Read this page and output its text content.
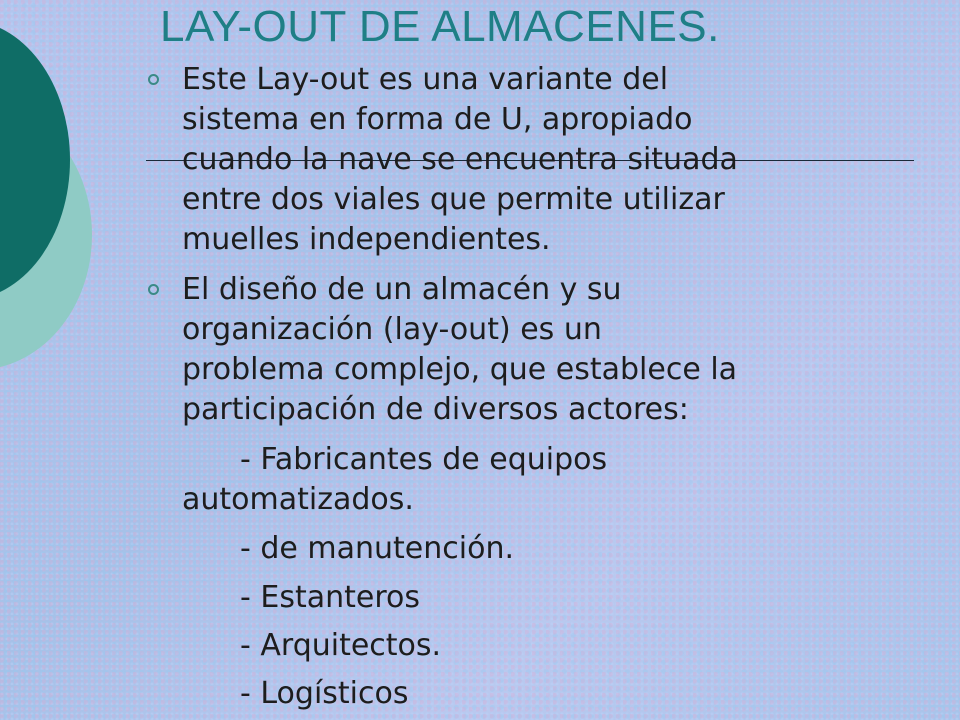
LAY-OUT DE ALMACENES.
Este Lay-out es una variante del
sistema en forma de U, apropiado
cuando la nave se encuentra situada
entre dos viales que permite utilizar
muelles independientes.
El diseño de un almacén y su
organización (lay-out) es un
problema complejo, que establece la
participación de diversos actores:
- Fabricantes de equipos
automatizados.
- de manutención.
- Estanteros
- Arquitectos.
- Logísticos
